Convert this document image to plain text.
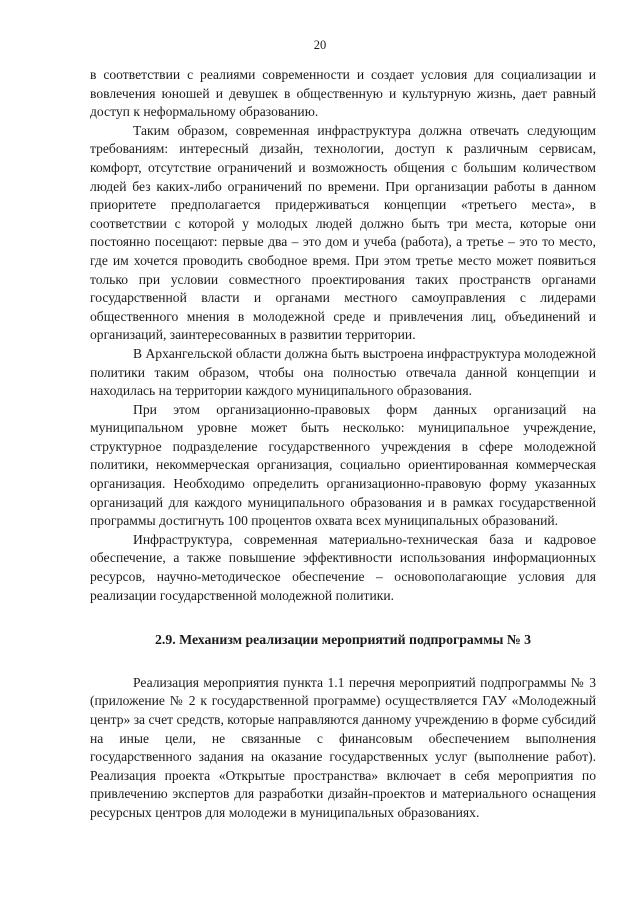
20

в соответствии с реалиями современности и создает условия для социализации и вовлечения юношей и девушек в общественную и культурную жизнь, дает равный доступ к неформальному образованию.

Таким образом, современная инфраструктура должна отвечать следующим требованиям: интересный дизайн, технологии, доступ к различным сервисам, комфорт, отсутствие ограничений и возможность общения с большим количеством людей без каких-либо ограничений по времени. При организации работы в данном приоритете предполагается придерживаться концепции «третьего места», в соответствии с которой у молодых людей должно быть три места, которые они постоянно посещают: первые два – это дом и учеба (работа), а третье – это то место, где им хочется проводить свободное время. При этом третье место может появиться только при условии совместного проектирования таких пространств органами государственной власти и органами местного самоуправления с лидерами общественного мнения в молодежной среде и привлечения лиц, объединений и организаций, заинтересованных в развитии территории.

В Архангельской области должна быть выстроена инфраструктура молодежной политики таким образом, чтобы она полностью отвечала данной концепции и находилась на территории каждого муниципального образования.

При этом организационно-правовых форм данных организаций на муниципальном уровне может быть несколько: муниципальное учреждение, структурное подразделение государственного учреждения в сфере молодежной политики, некоммерческая организация, социально ориентированная коммерческая организация. Необходимо определить организационно-правовую форму указанных организаций для каждого муниципального образования и в рамках государственной программы достигнуть 100 процентов охвата всех муниципальных образований.

Инфраструктура, современная материально-техническая база и кадровое обеспечение, а также повышение эффективности использования информационных ресурсов, научно-методическое обеспечение – основополагающие условия для реализации государственной молодежной политики.

2.9. Механизм реализации мероприятий подпрограммы № 3

Реализация мероприятия пункта 1.1 перечня мероприятий подпрограммы № 3 (приложение № 2 к государственной программе) осуществляется ГАУ «Молодежный центр» за счет средств, которые направляются данному учреждению в форме субсидий на иные цели, не связанные с финансовым обеспечением выполнения государственного задания на оказание государственных услуг (выполнение работ). Реализация проекта «Открытые пространства» включает в себя мероприятия по привлечению экспертов для разработки дизайн-проектов и материального оснащения ресурсных центров для молодежи в муниципальных образованиях.
